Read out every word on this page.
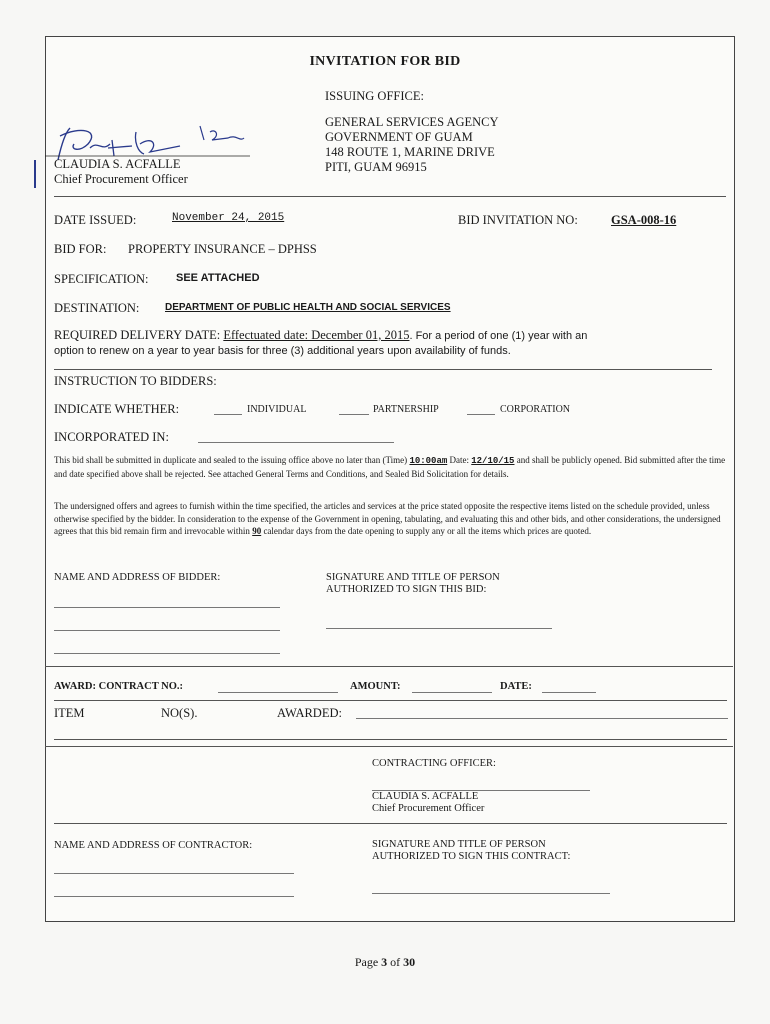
INVITATION FOR BID
ISSUING OFFICE:
GENERAL SERVICES AGENCY
GOVERNMENT OF GUAM
148 ROUTE 1, MARINE DRIVE
PITI, GUAM 96915
CLAUDIA S. ACFALLE
Chief Procurement Officer
DATE ISSUED:	November 24, 2015	BID INVITATION NO:	GSA-008-16
BID FOR: PROPERTY INSURANCE – DPHSS
SPECIFICATION:	SEE ATTACHED
DESTINATION:	DEPARTMENT OF PUBLIC HEALTH AND SOCIAL SERVICES
REQUIRED DELIVERY DATE: Effectuated date: December 01, 2015. For a period of one (1) year with an
option to renew on a year to year basis for three (3) additional years upon availability of funds.
INSTRUCTION TO BIDDERS:
INDICATE WHETHER:	INDIVIDUAL	PARTNERSHIP	CORPORATION
INCORPORATED IN:
This bid shall be submitted in duplicate and sealed to the issuing office above no later than (Time) 10:00am Date: 12/10/15 and shall be publicly opened. Bid submitted after the time and date specified above shall be rejected. See attached General Terms and Conditions, and Sealed Bid Solicitation for details.
The undersigned offers and agrees to furnish within the time specified, the articles and services at the price stated opposite the respective items listed on the schedule provided, unless otherwise specified by the bidder. In consideration to the expense of the Government in opening, tabulating, and evaluating this and other bids, and other considerations, the undersigned agrees that this bid remain firm and irrevocable within 90 calendar days from the date opening to supply any or all the items which prices are quoted.
NAME AND ADDRESS OF BIDDER:	SIGNATURE AND TITLE OF PERSON
AUTHORIZED TO SIGN THIS BID:
AWARD: CONTRACT NO.:	AMOUNT:	DATE:
ITEM	NO(S).	AWARDED:
CONTRACTING OFFICER:
CLAUDIA S. ACFALLE
Chief Procurement Officer
NAME AND ADDRESS OF CONTRACTOR:	SIGNATURE AND TITLE OF PERSON
AUTHORIZED TO SIGN THIS CONTRACT:
Page 3 of 30
